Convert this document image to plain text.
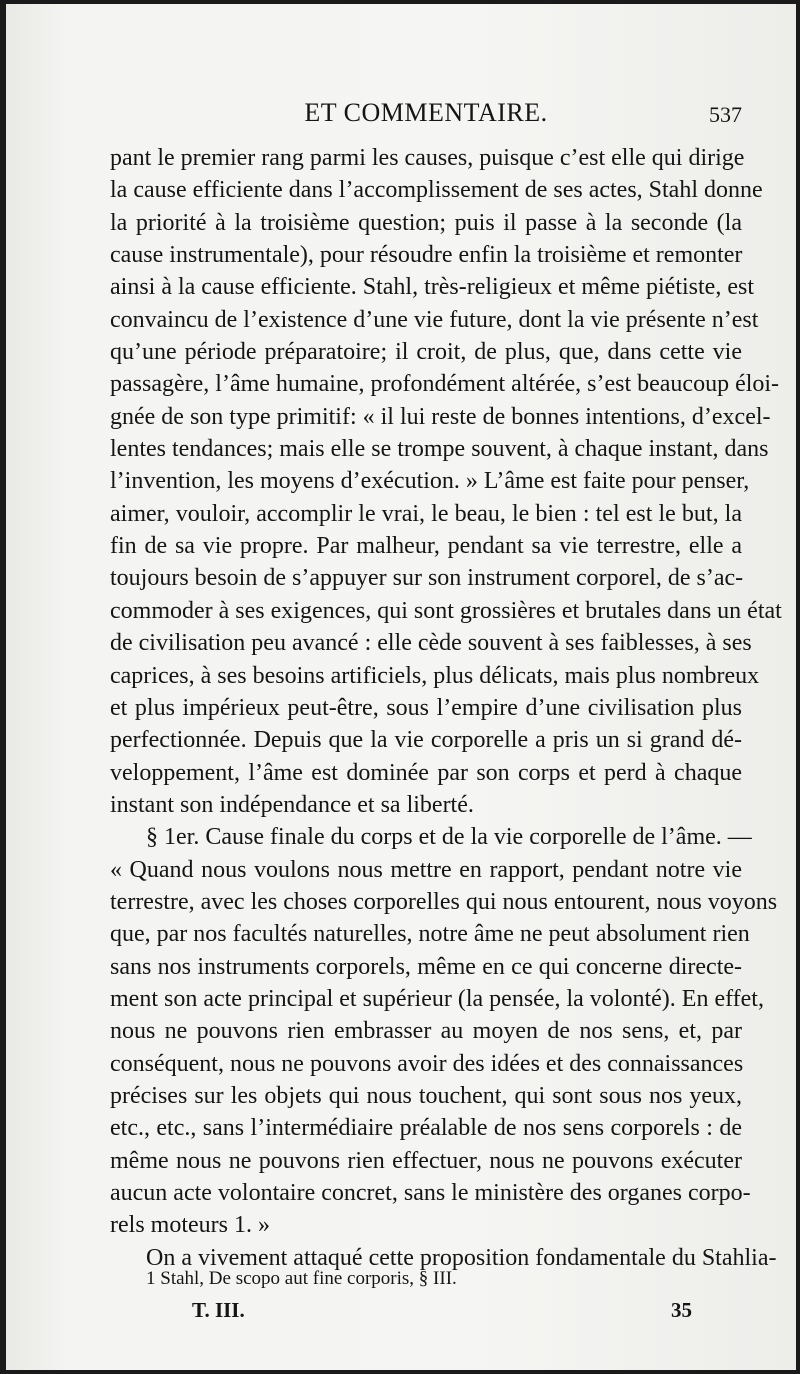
ET COMMENTAIRE.	537
pant le premier rang parmi les causes, puisque c’est elle qui dirige
la cause efficiente dans l’accomplissement de ses actes, Stahl donne
la priorité à la troisième question; puis il passe à la seconde (la
cause instrumentale), pour résoudre enfin la troisième et remonter
ainsi à la cause efficiente. Stahl, très-religieux et même piétiste, est
convaincu de l’existence d’une vie future, dont la vie présente n’est
qu’une période préparatoire; il croit, de plus, que, dans cette vie
passagère, l’âme humaine, profondément altérée, s’est beaucoup éloi-
gnée de son type primitif: « il lui reste de bonnes intentions, d’excel-
lentes tendances; mais elle se trompe souvent, à chaque instant, dans
l’invention, les moyens d’exécution. » L’âme est faite pour penser,
aimer, vouloir, accomplir le vrai, le beau, le bien : tel est le but, la
fin de sa vie propre. Par malheur, pendant sa vie terrestre, elle a
toujours besoin de s’appuyer sur son instrument corporel, de s’ac-
commoder à ses exigences, qui sont grossières et brutales dans un état
de civilisation peu avancé : elle cède souvent à ses faiblesses, à ses
caprices, à ses besoins artificiels, plus délicats, mais plus nombreux
et plus impérieux peut-être, sous l’empire d’une civilisation plus
perfectionnée. Depuis que la vie corporelle a pris un si grand dé-
veloppement, l’âme est dominée par son corps et perd à chaque
instant son indépendance et sa liberté.
§ 1er. Cause finale du corps et de la vie corporelle de l’âme. —
« Quand nous voulons nous mettre en rapport, pendant notre vie
terrestre, avec les choses corporelles qui nous entourent, nous voyons
que, par nos facultés naturelles, notre âme ne peut absolument rien
sans nos instruments corporels, même en ce qui concerne directe-
ment son acte principal et supérieur (la pensée, la volonté). En effet,
nous ne pouvons rien embrasser au moyen de nos sens, et, par
conséquent, nous ne pouvons avoir des idées et des connaissances
précises sur les objets qui nous touchent, qui sont sous nos yeux,
etc., etc., sans l’intermédiaire préalable de nos sens corporels : de
même nous ne pouvons rien effectuer, nous ne pouvons exécuter
aucun acte volontaire concret, sans le ministère des organes corpo-
rels moteurs 1. »
On a vivement attaqué cette proposition fondamentale du Stahlia-
1 Stahl, De scopo aut fine corporis, § III.
T. III.	35
